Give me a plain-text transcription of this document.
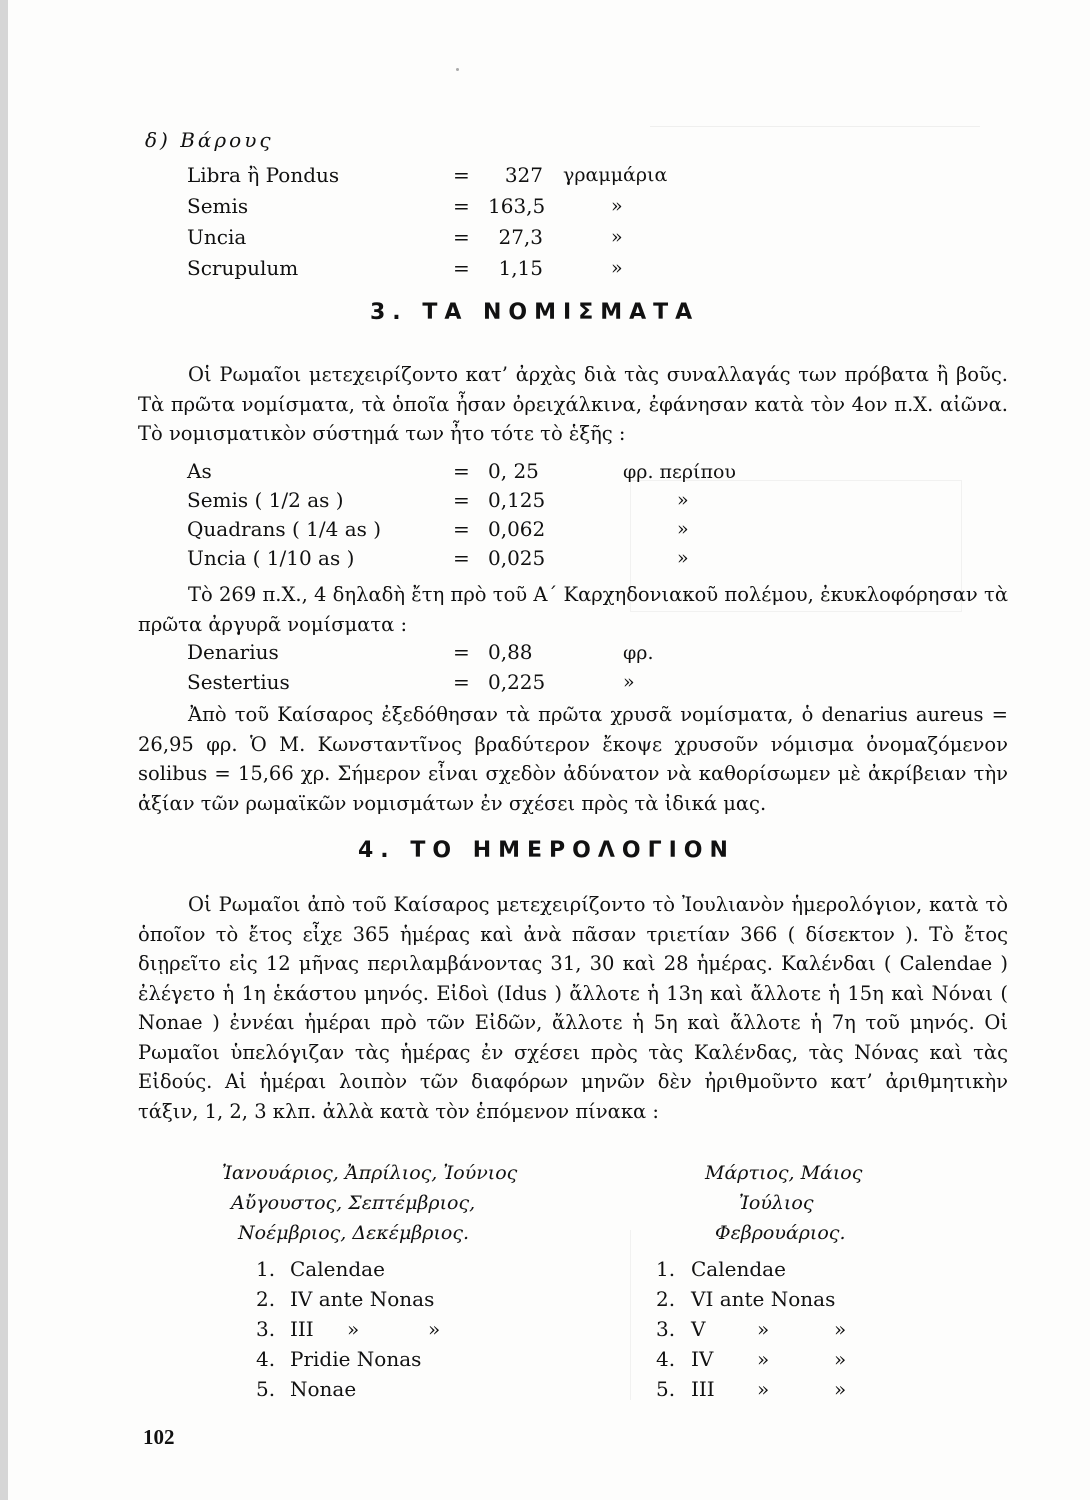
δ) Βάρους
Libra ἢ Pondus	=	327 γραμμάρια
Semis	= 163,5	»
Uncia	=	27,3	»
Scrupulum	=	1,15	»
3. ΤΑ ΝΟΜΙΣΜΑΤΑ

Οἱ Ρωμαῖοι μετεχειρίζοντο κατ’ ἀρχὰς διὰ τὰς συναλλαγάς των πρόβατα ἢ βοῦς. Τὰ πρῶτα νομίσματα, τὰ ὁποῖα ἦσαν ὀρειχάλκινα, ἐφάνησαν κατὰ τὸν 4ον π.Χ. αἰῶνα. Τὸ νομισματικὸν σύστημά των ἦτο τότε τὸ ἑξῆς :

As	= 0, 25	φρ. περίπου
Semis ( 1/2 as )	= 0,125	»
Quadrans ( 1/4 as )	= 0,062	»
Uncia ( 1/10 as )	= 0,025	»

Τὸ 269 π.Χ., 4 δηλαδὴ ἔτη πρὸ τοῦ Α΄ Καρχηδονιακοῦ πολέμου, ἐκυκλοφόρησαν τὰ πρῶτα ἀργυρᾶ νομίσματα :

Denarius	= 0,88	φρ.
Sestertius	= 0,225	»

Ἀπὸ τοῦ Καίσαρος ἐξεδόθησαν τὰ πρῶτα χρυσᾶ νομίσματα, ὁ denarius aureus = 26,95 φρ. Ὁ Μ. Κωνσταντῖνος βραδύτερον ἔκοψε χρυσοῦν νόμισμα ὀνομαζόμενον solibus = 15,66 χρ. Σήμερον εἶναι σχεδὸν ἀδύνατον νὰ καθορίσωμεν μὲ ἀκρίβειαν τὴν ἀξίαν τῶν ρωμαϊκῶν νομισμάτων ἐν σχέσει πρὸς τὰ ἰδικά μας.

4. ΤΟ ΗΜΕΡΟΛΟΓΙΟΝ

Οἱ Ρωμαῖοι ἀπὸ τοῦ Καίσαρος μετεχειρίζοντο τὸ Ἰουλιανὸν ἡμερολόγιον, κατὰ τὸ ὁποῖον τὸ ἔτος εἶχε 365 ἡμέρας καὶ ἀνὰ πᾶσαν τριετίαν 366 ( δίσεκτον ). Τὸ ἔτος διῃρεῖτο εἰς 12 μῆνας περιλαμβάνοντας 31, 30 καὶ 28 ἡμέρας. Καλένδαι ( Calendae ) ἐλέγετο ἡ 1η ἑκάστου μηνός. Εἰδοὶ (Idus ) ἄλλοτε ἡ 13η καὶ ἄλλοτε ἡ 15η καὶ Νόναι ( Nonae ) ἐννέαι ἡμέραι πρὸ τῶν Εἰδῶν, ἄλλοτε ἡ 5η καὶ ἄλλοτε ἡ 7η τοῦ μηνός. Οἱ Ρωμαῖοι ὑπελόγιζαν τὰς ἡμέρας ἐν σχέσει πρὸς τὰς Καλένδας, τὰς Νόνας καὶ τὰς Εἰδούς. Αἱ ἡμέραι λοιπὸν τῶν διαφόρων μηνῶν δὲν ἠριθμοῦντο κατ’ ἀριθμητικὴν τάξιν, 1, 2, 3 κλπ. ἀλλὰ κατὰ τὸν ἑπόμενον πίνακα :

Ἰανουάριος, Ἀπρίλιος, Ἰούνιος
Αὔγουστος, Σεπτέμβριος,
Νοέμβριος, Δεκέμβριος.
Μάρτιος, Μάιος
Ἰούλιος
Φεβρουάριος.
1. Calendae
2. IV ante Nonas
3. III »	»
4. Pridie Nonas
5. Nonae
1. Calendae
2. VI ante Nonas
3. V	»	»
4. IV »	»
5. III »	»
102
